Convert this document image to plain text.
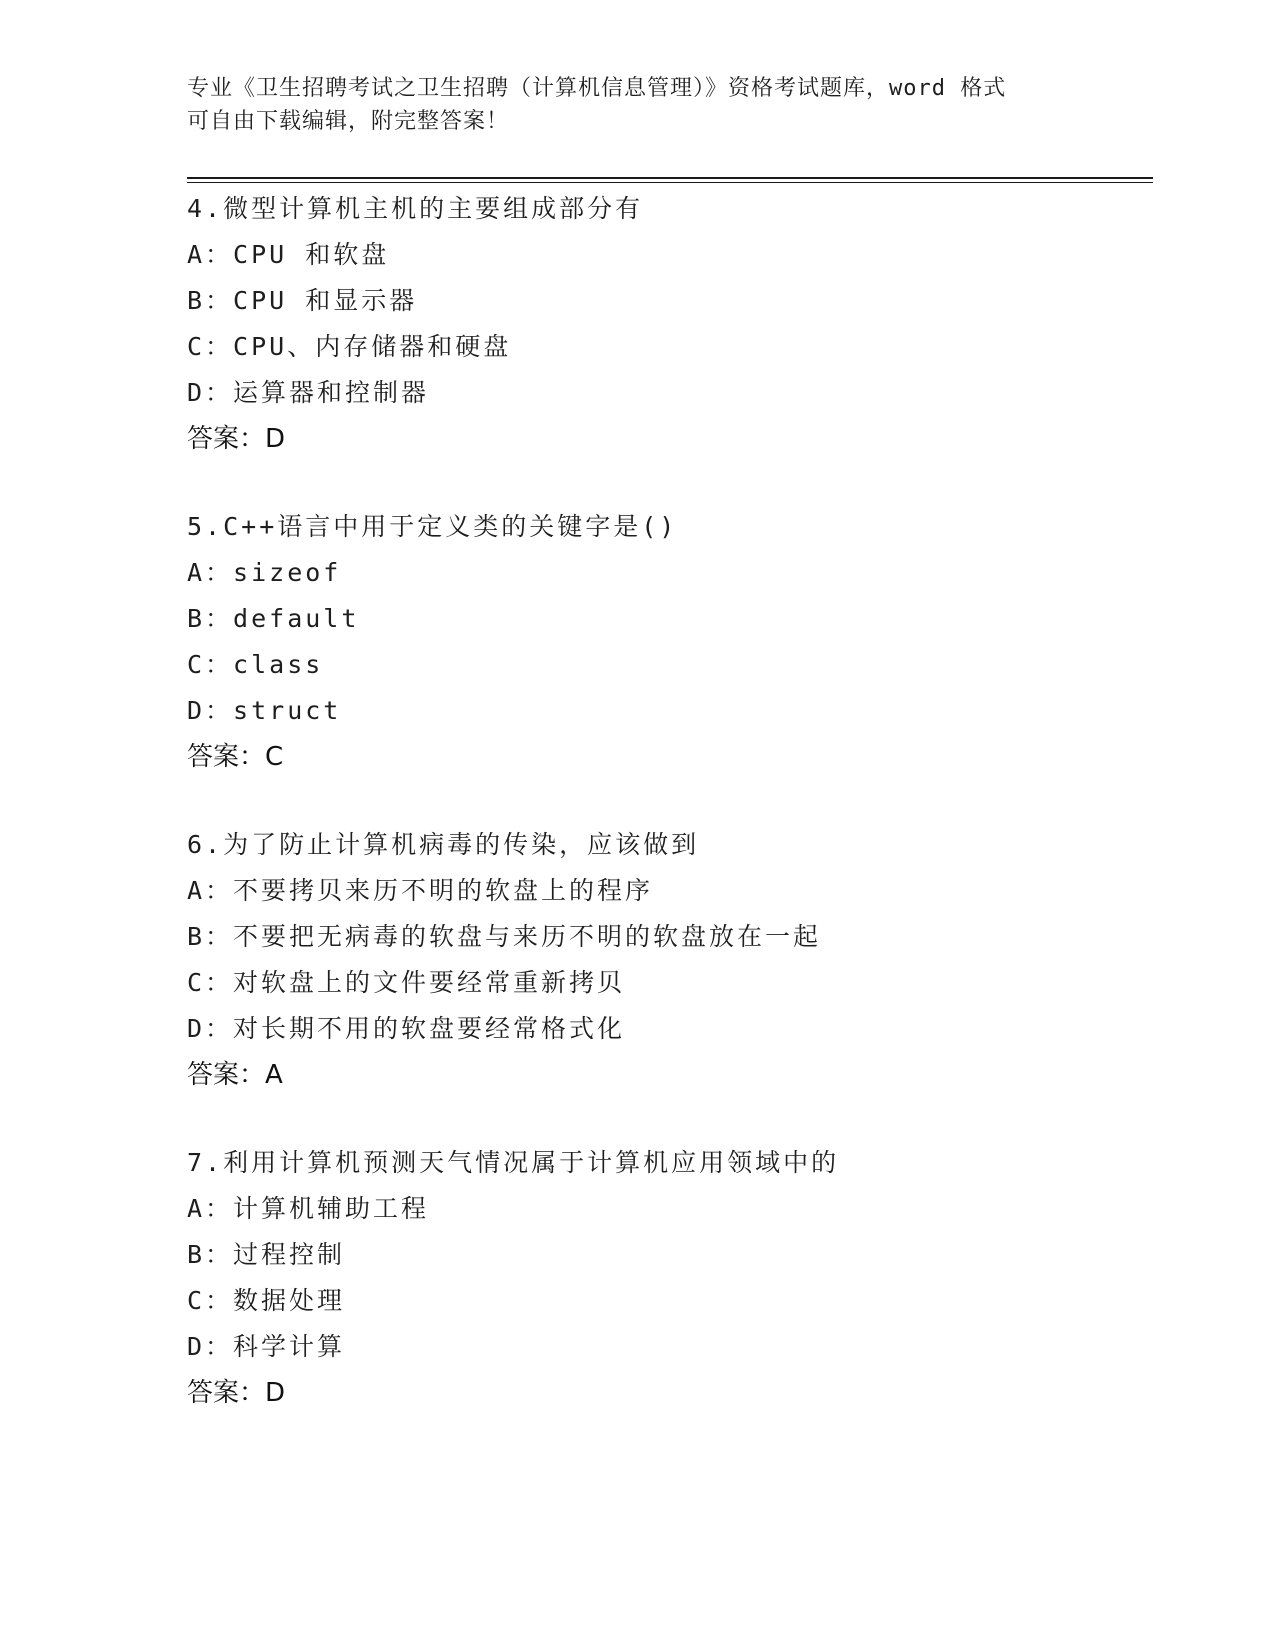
专业《卫生招聘考试之卫生招聘（计算机信息管理）》资格考试题库，word 格式
可自由下载编辑，附完整答案！
4.微型计算机主机的主要组成部分有
A：CPU 和软盘
B：CPU 和显示器
C：CPU、内存储器和硬盘
D：运算器和控制器
答案：D
5.C++语言中用于定义类的关键字是()
A：sizeof
B：default
C：class
D：struct
答案：C
6.为了防止计算机病毒的传染，应该做到
A：不要拷贝来历不明的软盘上的程序
B：不要把无病毒的软盘与来历不明的软盘放在一起
C：对软盘上的文件要经常重新拷贝
D：对长期不用的软盘要经常格式化
答案：A
7.利用计算机预测天气情况属于计算机应用领域中的
A：计算机辅助工程
B：过程控制
C：数据处理
D：科学计算
答案：D
